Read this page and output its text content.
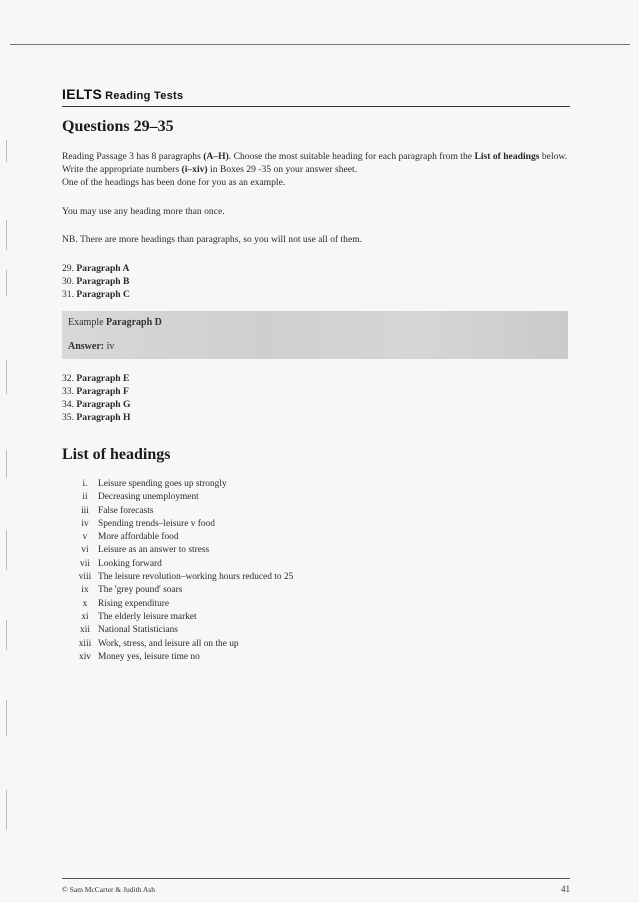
IELTS Reading Tests
Questions 29–35
Reading Passage 3 has 8 paragraphs (A–H). Choose the most suitable heading for each paragraph from the List of headings below. Write the appropriate numbers (i–xiv) in Boxes 29 -35 on your answer sheet.
One of the headings has been done for you as an example.
You may use any heading more than once.
NB. There are more headings than paragraphs, so you will not use all of them.
29. Paragraph A
30. Paragraph B
31. Paragraph C
Example Paragraph D
Answer: iv
32. Paragraph E
33. Paragraph F
34. Paragraph G
35. Paragraph H
List of headings
i.	Leisure spending goes up strongly
ii	Decreasing unemployment
iii False forecasts
iv Spending trends–leisure v food
v	More affordable food
vi Leisure as an answer to stress
vii Looking forward
viii The leisure revolution–working hours reduced to 25
ix The 'grey pound' soars
x	Rising expenditure
xi The elderly leisure market
xii National Statisticians
xiii Work, stress, and leisure all on the up
xiv Money yes, leisure time no
© Sam McCarter & Judith Ash	41
